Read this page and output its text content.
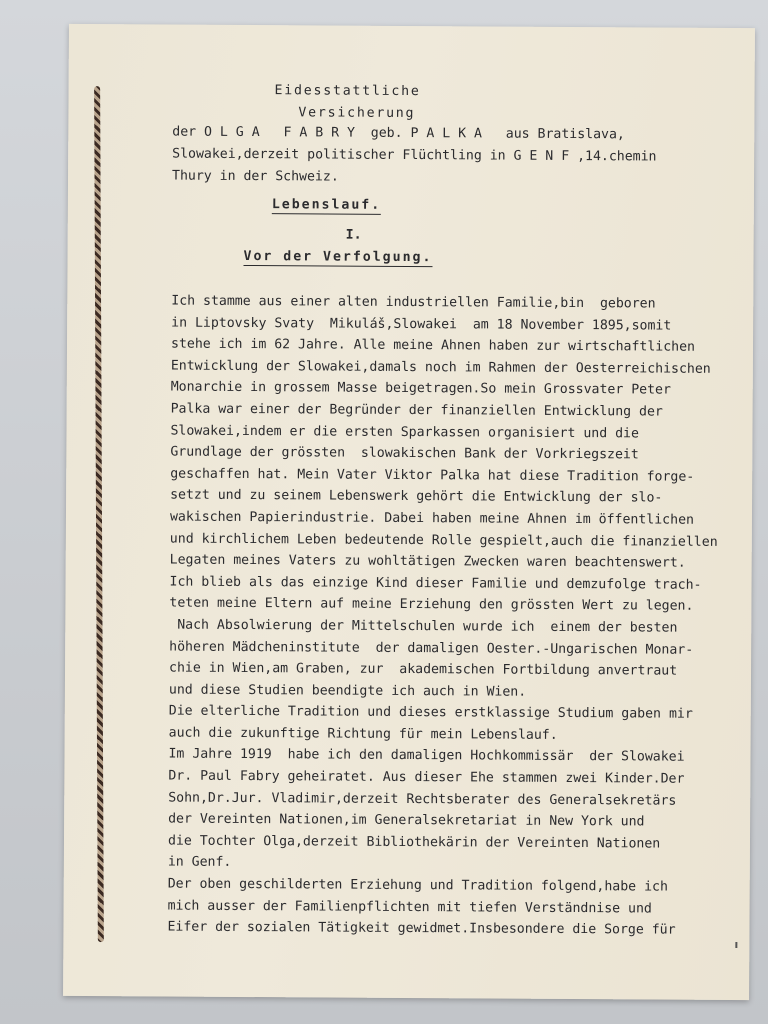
Eidesstattliche
Versicherung
der O L G A   F A B R Y  geb. P A L K A   aus Bratislava,
Slowakei,derzeit politischer Flüchtling in G E N F ,14.chemin
Thury in der Schweiz.
Lebenslauf.
I.
Vor der Verfolgung.
Ich stamme aus einer alten industriellen Familie,bin  geboren
in Liptovsky Svaty  Mikuláš,Slowakei  am 18 November 1895,somit
stehe ich im 62 Jahre. Alle meine Ahnen haben zur wirtschaftlichen
Entwicklung der Slowakei,damals noch im Rahmen der Oesterreichischen
Monarchie in grossem Masse beigetragen.So mein Grossvater Peter
Palka war einer der Begründer der finanziellen Entwicklung der
Slowakei,indem er die ersten Sparkassen organisiert und die
Grundlage der grössten  slowakischen Bank der Vorkriegszeit
geschaffen hat. Mein Vater Viktor Palka hat diese Tradition forge-
setzt und zu seinem Lebenswerk gehört die Entwicklung der slo-
wakischen Papierindustrie. Dabei haben meine Ahnen im öffentlichen
und kirchlichem Leben bedeutende Rolle gespielt,auch die finanziellen
Legaten meines Vaters zu wohltätigen Zwecken waren beachtenswert.
Ich blieb als das einzige Kind dieser Familie und demzufolge trach-
teten meine Eltern auf meine Erziehung den grössten Wert zu legen.
Nach Absolwierung der Mittelschulen wurde ich  einem der besten
höheren Mädcheninstitute  der damaligen Oester.-Ungarischen Monar-
chie in Wien,am Graben, zur  akademischen Fortbildung anvertraut
und diese Studien beendigte ich auch in Wien.
Die elterliche Tradition und dieses erstklassige Studium gaben mir
auch die zukunftige Richtung für mein Lebenslauf.
Im Jahre 1919  habe ich den damaligen Hochkommissär  der Slowakei
Dr. Paul Fabry geheiratet. Aus dieser Ehe stammen zwei Kinder.Der
Sohn,Dr.Jur. Vladimir,derzeit Rechtsberater des Generalsekretärs
der Vereinten Nationen,im Generalsekretariat in New York und
die Tochter Olga,derzeit Bibliothekärin der Vereinten Nationen
in Genf.
Der oben geschilderten Erziehung und Tradition folgend,habe ich
mich ausser der Familienpflichten mit tiefen Verständnise und
Eifer der sozialen Tätigkeit gewidmet.Insbesondere die Sorge für
